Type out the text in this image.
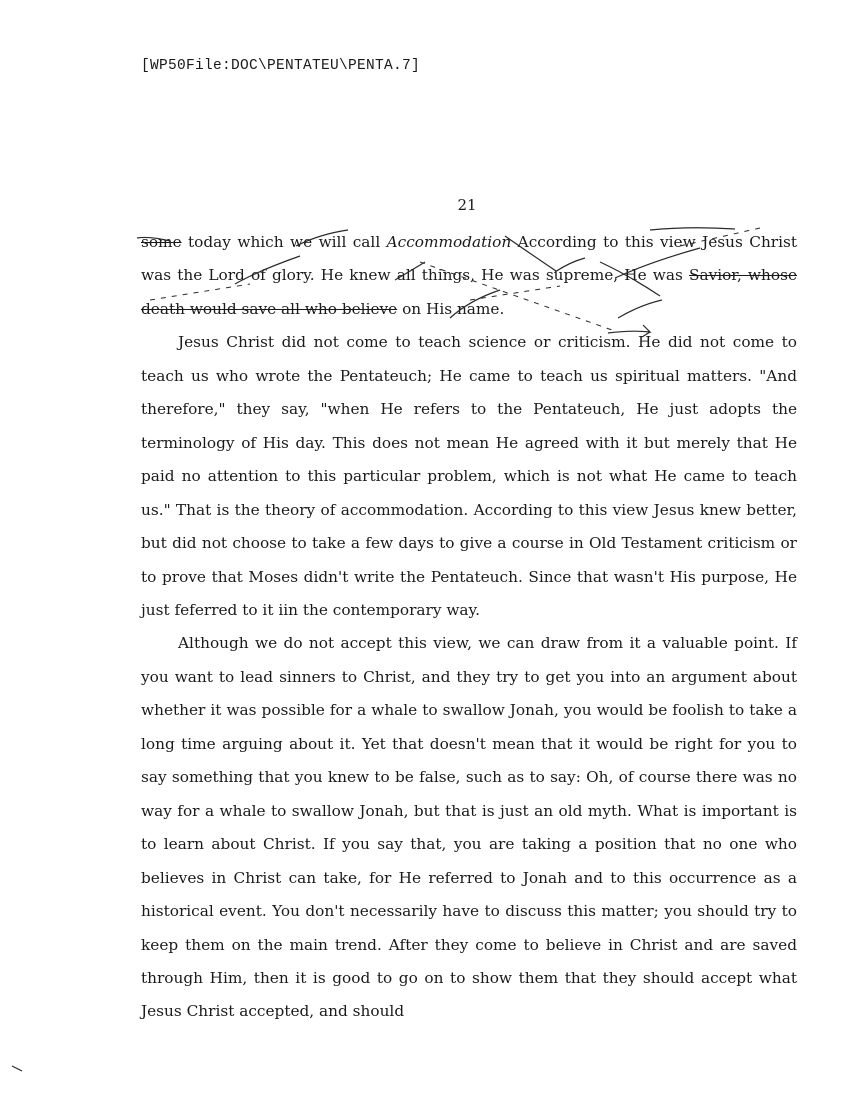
[WP50File:DOC\PENTATEU\PENTA.7]
21

some today which we will call Accommodation According to this view Jesus Christ was the Lord of glory. He knew all things, He was supreme, He was Savior, whose death would save all who believe on His name.

Jesus Christ did not come to teach science or criticism. He did not come to teach us who wrote the Pentateuch; He came to teach us spiritual matters. "And therefore," they say, "when He refers to the Pentateuch, He just adopts the terminology of His day. This does not mean He agreed with it but merely that He paid no attention to this particular problem, which is not what He came to teach us." That is the theory of accommodation. According to this view Jesus knew better, but did not choose to take a few days to give a course in Old Testament criticism or to prove that Moses didn't write the Pentateuch. Since that wasn't His purpose, He just feferred to it iin the contemporary way.

Although we do not accept this view, we can draw from it a valuable point. If you want to lead sinners to Christ, and they try to get you into an argument about whether it was possible for a whale to swallow Jonah, you would be foolish to take a long time arguing about it. Yet that doesn't mean that it would be right for you to say something that you knew to be false, such as to say: Oh, of course there was no way for a whale to swallow Jonah, but that is just an old myth. What is important is to learn about Christ. If you say that, you are taking a position that no one who believes in Christ can take, for He referred to Jonah and to this occurrence as a historical event. You don't necessarily have to discuss this matter; you should try to keep them on the main trend. After they come to believe in Christ and are saved through Him, then it is good to go on to show them that they should accept what Jesus Christ accepted, and should
